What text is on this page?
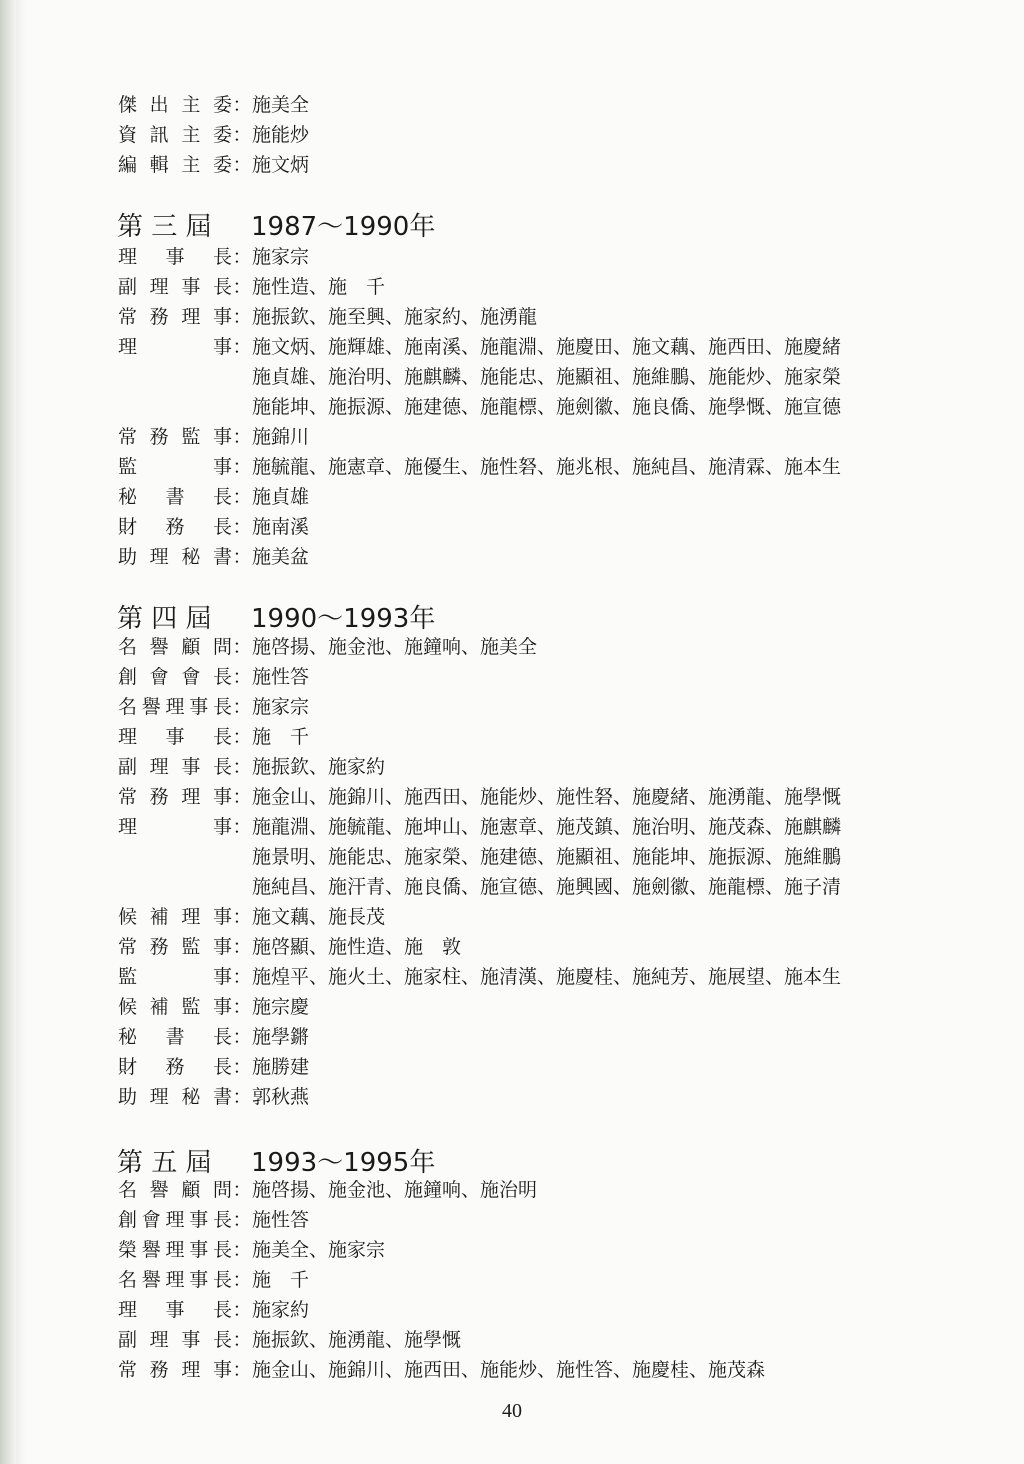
傑 出 主 委 ： 施美全
資 訊 主 委 ： 施能炒
編 輯 主 委 ： 施文炳
第 三 屆 1987～1990年
理 事 長 ： 施家宗
副 理 事 長 ： 施性造、施　千
常 務 理 事 ： 施振欽、施至興、施家約、施湧龍
理	事 ： 施文炳、施輝雄、施南溪、施龍淵、施慶田、施文藕、施西田、施慶緒
施貞雄、施治明、施麒麟、施能忠、施顯祖、施維鵬、施能炒、施家榮
施能坤、施振源、施建德、施龍標、施劍徽、施良僑、施學慨、施宣德
常 務 監 事 ： 施錦川
監	事 ： 施毓龍、施憲章、施優生、施性砮、施兆根、施純昌、施清霖、施本生
秘 書 長 ： 施貞雄
財 務 長 ： 施南溪
助 理 秘 書 ： 施美盆
第 四 屆 1990～1993年
名 譽 顧 問 ： 施啓揚、施金池、施鐘响、施美全
創 會 會 長 ： 施性答
名 譽 理 事 長 ： 施家宗
理 事 長 ： 施　千
副 理 事 長 ： 施振欽、施家約
常 務 理 事 ： 施金山、施錦川、施西田、施能炒、施性砮、施慶緒、施湧龍、施學慨
理	事 ： 施龍淵、施毓龍、施坤山、施憲章、施茂鎮、施治明、施茂森、施麒麟
施景明、施能忠、施家榮、施建德、施顯祖、施能坤、施振源、施維鵬
施純昌、施汗青、施良僑、施宣德、施興國、施劍徽、施龍標、施子清
候 補 理 事 ： 施文藕、施長茂
常 務 監 事 ： 施啓顯、施性造、施　敦
監	事 ： 施煌平、施火土、施家柱、施清漢、施慶桂、施純芳、施展望、施本生
候 補 監 事 ： 施宗慶
秘 書 長 ： 施學鏘
財 務 長 ： 施勝建
助 理 秘 書 ： 郭秋燕
第 五 屆 1993～1995年
名 譽 顧 問 ： 施啓揚、施金池、施鐘响、施治明
創 會 理 事 長 ： 施性答
榮 譽 理 事 長 ： 施美全、施家宗
名 譽 理 事 長 ： 施　千
理 事 長 ： 施家約
副 理 事 長 ： 施振欽、施湧龍、施學慨
常 務 理 事 ： 施金山、施錦川、施西田、施能炒、施性答、施慶桂、施茂森
40
